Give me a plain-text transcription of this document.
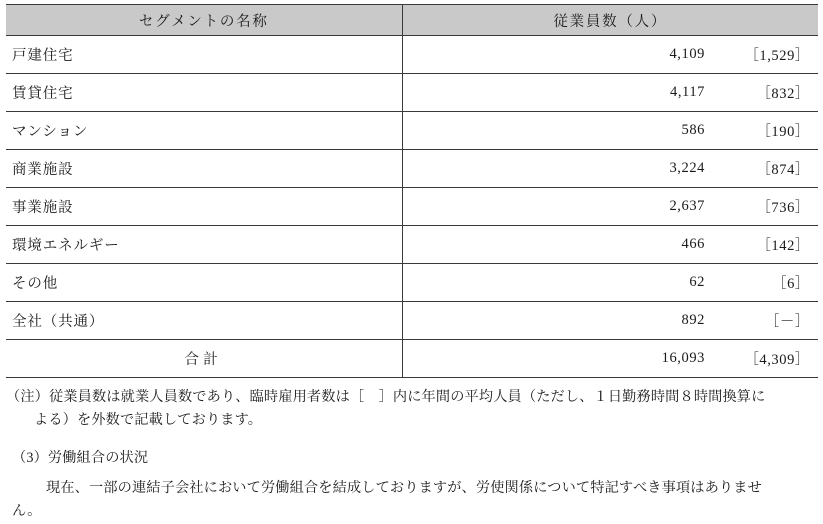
セグメントの名称	従業員数（人）
戸建住宅	4,109 ［1,529］

賃貸住宅	4,117 ［832］

マンション	586 ［190］

商業施設	3,224 ［874］

事業施設	2,637 ［736］

環境エネルギー	466 ［142］

その他	62 ［6］

全社（共通）	892 ［－］

合計	16,093 ［4,309］
（注）従業員数は就業人員数であり、臨時雇用者数は［　］内に年間の平均人員（ただし、１日勤務時間８時間換算に
よる）を外数で記載しております。
（3）労働組合の状況
現在、一部の連結子会社において労働組合を結成しておりますが、労使関係について特記すべき事項はありませ
ん。
